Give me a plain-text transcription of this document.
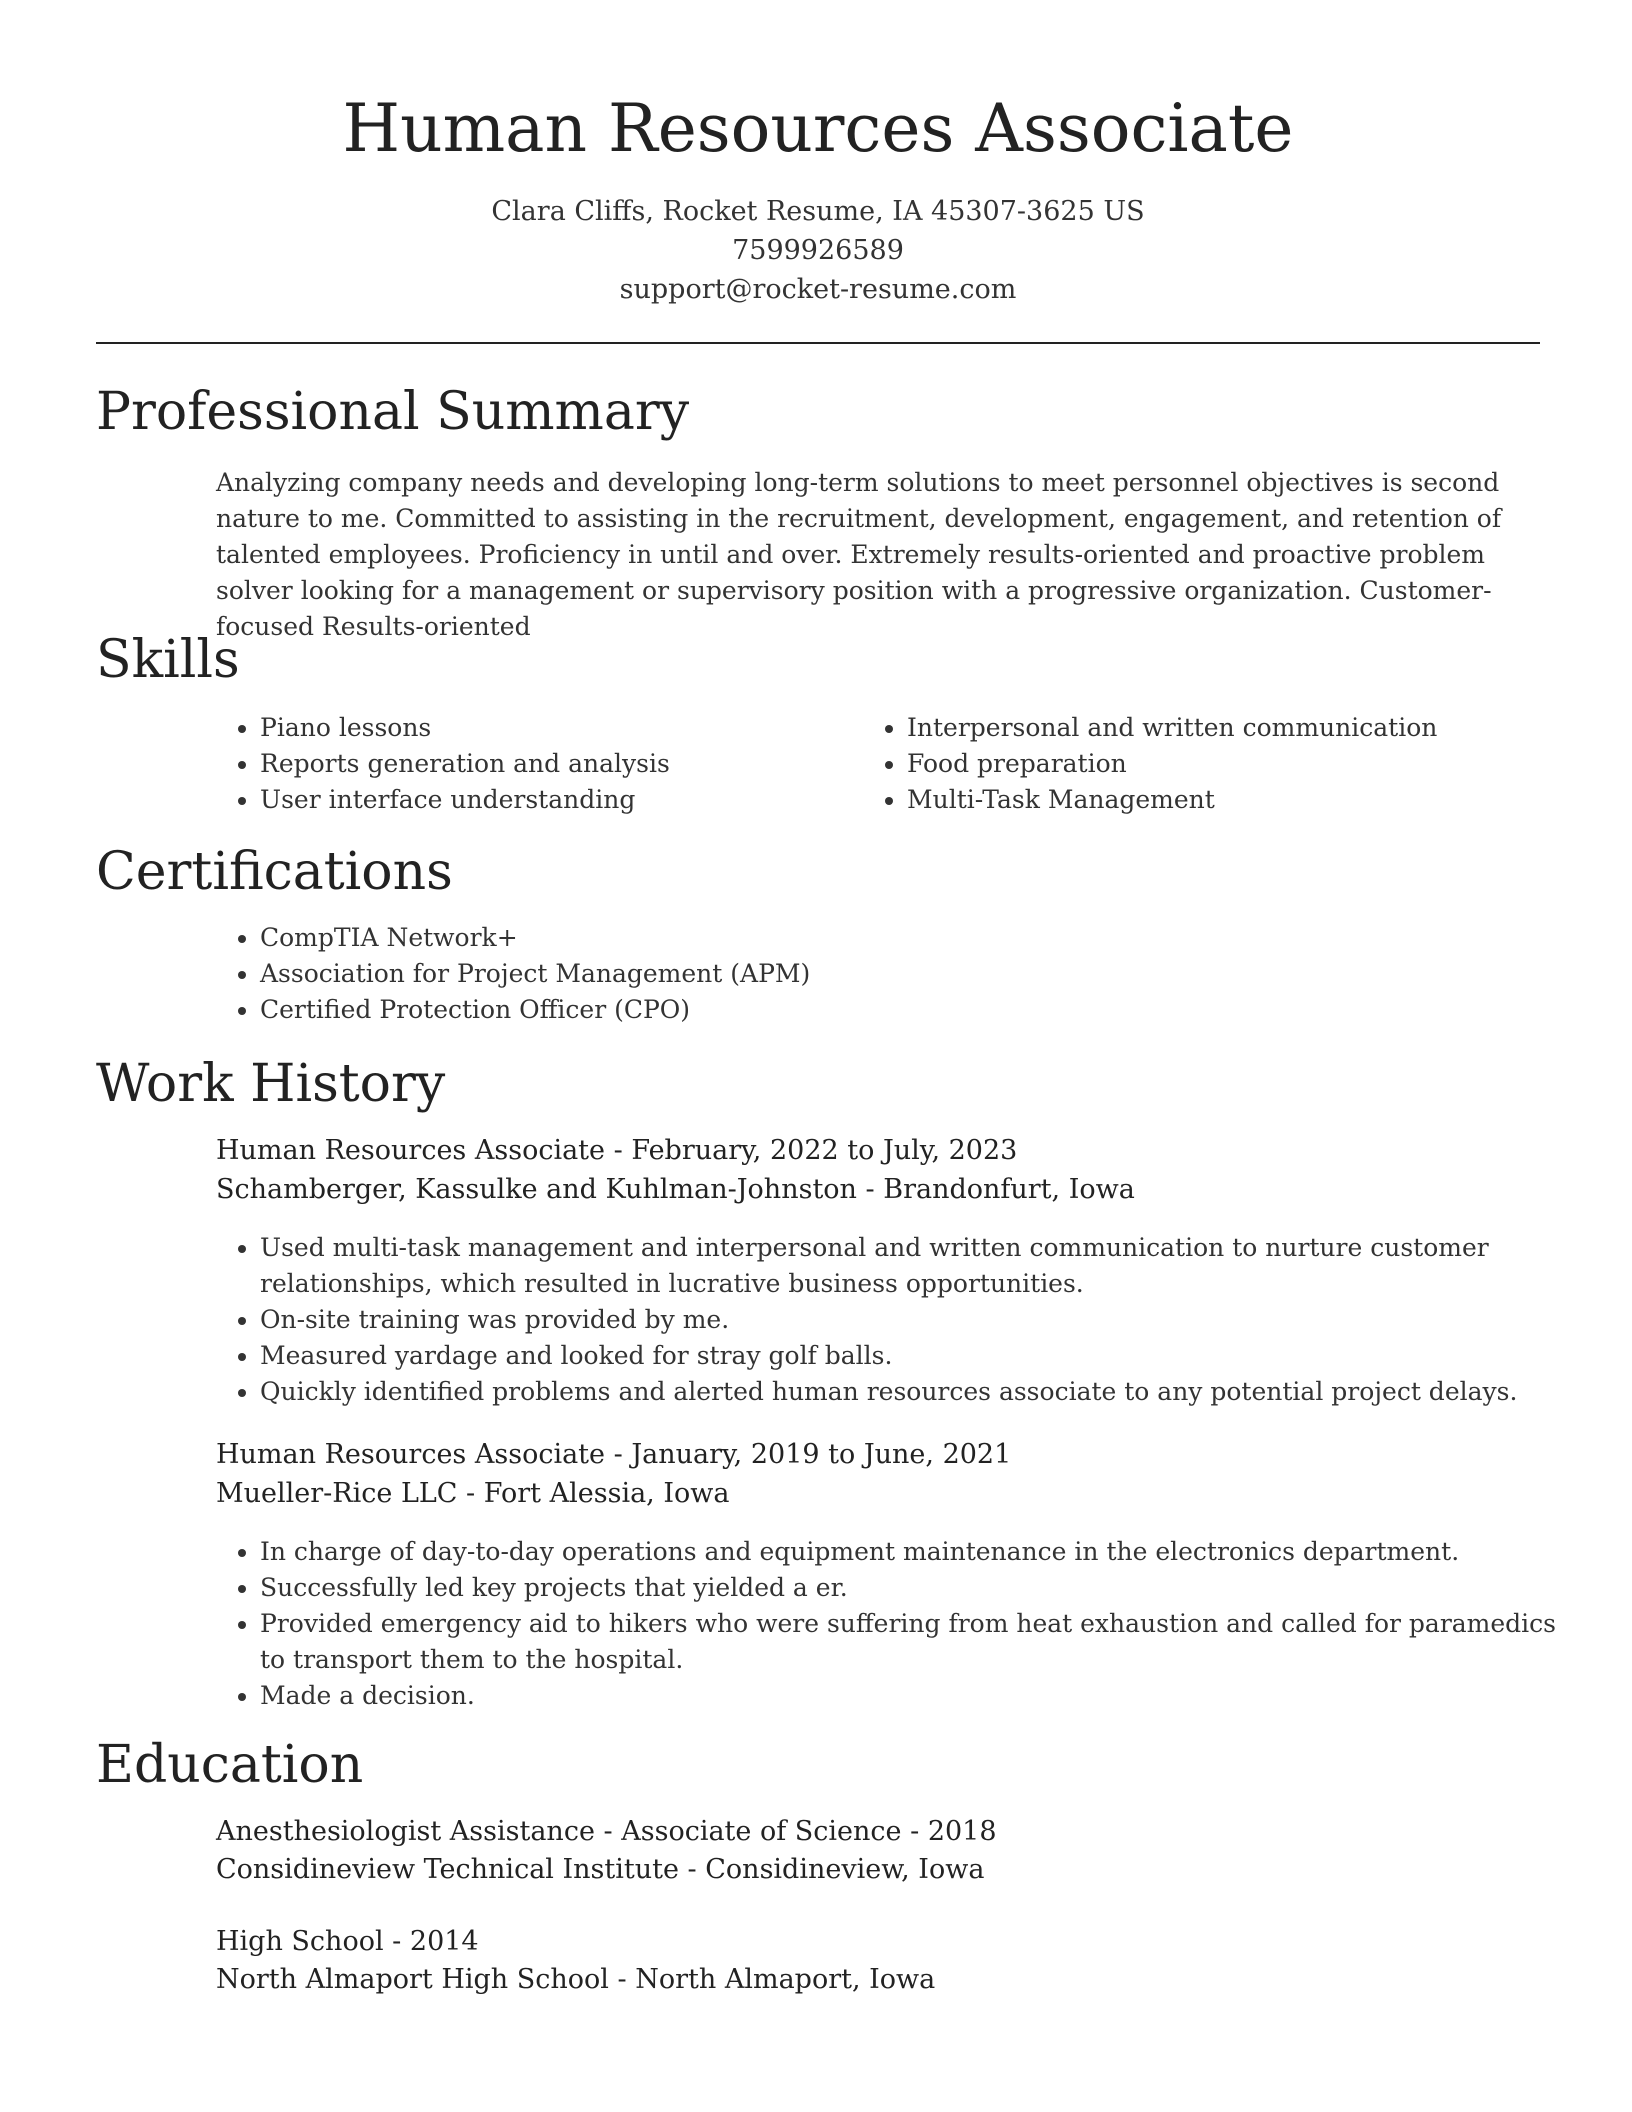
Human Resources Associate
Clara Cliffs, Rocket Resume, IA 45307-3625 US
7599926589
support@rocket-resume.com
Professional Summary

Analyzing company needs and developing long-term solutions to meet personnel objectives is second nature to me. Committed to assisting in the recruitment, development, engagement, and retention of talented employees. Proficiency in until and over. Extremely results-oriented and proactive problem solver looking for a management or supervisory position with a progressive organization. Customer-focused Results-oriented

Skills
• Piano lessons
• Reports generation and analysis
• User interface understanding
• Interpersonal and written communication
• Food preparation
• Multi-Task Management
Certifications
• CompTIA Network+
• Association for Project Management (APM)
• Certified Protection Officer (CPO)
Work History
Human Resources Associate - February, 2022 to July, 2023
Schamberger, Kassulke and Kuhlman-Johnston - Brandonfurt, Iowa
• Used multi-task management and interpersonal and written communication to nurture customer relationships, which resulted in lucrative business opportunities.
• On-site training was provided by me.
• Measured yardage and looked for stray golf balls.
• Quickly identified problems and alerted human resources associate to any potential project delays.
Human Resources Associate - January, 2019 to June, 2021
Mueller-Rice LLC - Fort Alessia, Iowa
• In charge of day-to-day operations and equipment maintenance in the electronics department.
• Successfully led key projects that yielded a er.
• Provided emergency aid to hikers who were suffering from heat exhaustion and called for paramedics to transport them to the hospital.
• Made a decision.
Education
Anesthesiologist Assistance - Associate of Science - 2018
Considineview Technical Institute - Considineview, Iowa
High School - 2014
North Almaport High School - North Almaport, Iowa
